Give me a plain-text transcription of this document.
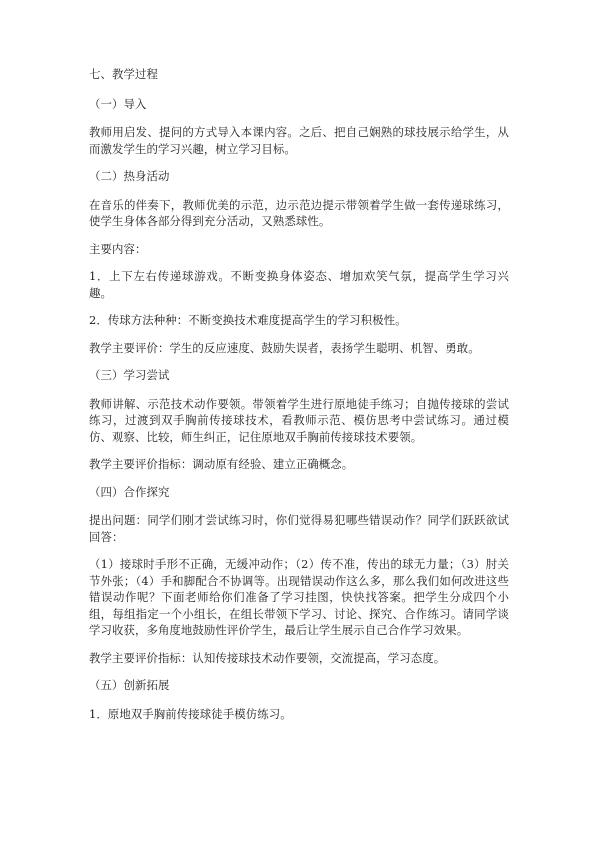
七、教学过程

（一）导入

教师用启发、提问的方式导入本课内容。之后、把自己娴熟的球技展示给学生，从而激发学生的学习兴趣，树立学习目标。

（二）热身活动

在音乐的伴奏下，教师优美的示范，边示范边提示带领着学生做一套传递球练习，使学生身体各部分得到充分活动，又熟悉球性。

主要内容：

1．上下左右传递球游戏。不断变换身体姿态、增加欢笑气氛，提高学生学习兴趣。

2．传球方法种种：不断变换技术难度提高学生的学习积极性。

教学主要评价：学生的反应速度、鼓励失误者，表扬学生聪明、机智、勇敢。

（三）学习尝试

教师讲解、示范技术动作要领。带领着学生进行原地徒手练习；自抛传接球的尝试练习，过渡到双手胸前传接球技术，看教师示范、模仿思考中尝试练习。通过模仿、观察、比较，师生纠正，记住原地双手胸前传接球技术要领。

教学主要评价指标：调动原有经验、建立正确概念。

（四）合作探究

提出问题：同学们刚才尝试练习时，你们觉得易犯哪些错误动作？同学们跃跃欲试回答：

（1）接球时手形不正确，无缓冲动作；（2）传不准，传出的球无力量；（3）肘关节外张；（4）手和脚配合不协调等。出现错误动作这么多，那么我们如何改进这些错误动作呢？下面老师给你们准备了学习挂图，快快找答案。把学生分成四个小组，每组指定一个小组长，在组长带领下学习、讨论、探究、合作练习。请同学谈学习收获，多角度地鼓励性评价学生，最后让学生展示自己合作学习效果。

教学主要评价指标：认知传接球技术动作要领，交流提高，学习态度。

（五）创新拓展

1．原地双手胸前传接球徒手模仿练习。
